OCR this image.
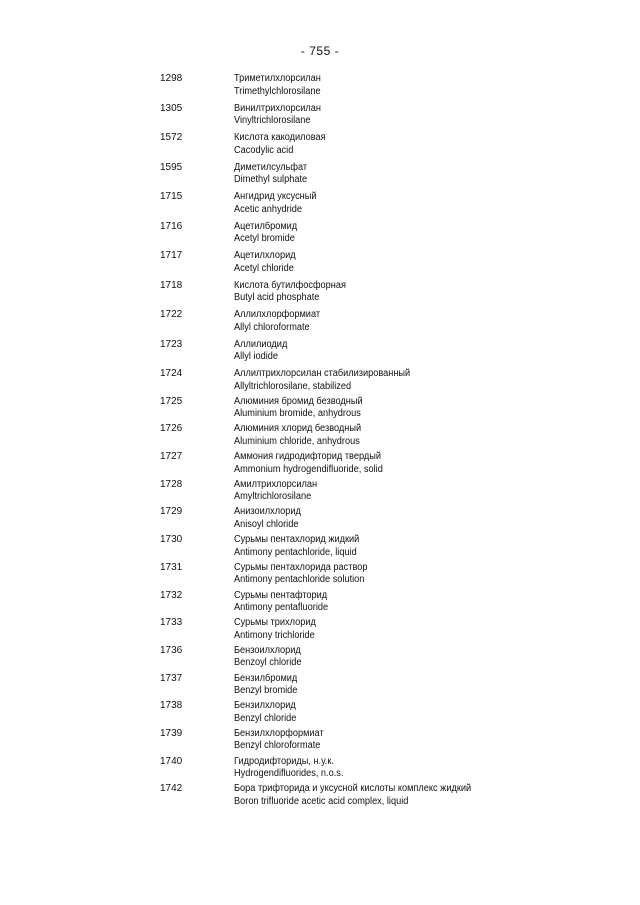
- 755 -
1298	Триметилхлорсилан
Trimethylchlorosilane
1305	Винилтрихлорсилан
Vinyltrichlorosilane
1572	Кислота какодиловая
Cacodylic acid
1595	Диметилсульфат
Dimethyl sulphate
1715	Ангидрид уксусный
Acetic anhydride
1716	Ацетилбромид
Acetyl bromide
1717	Ацетилхлорид
Acetyl chloride
1718	Кислота бутилфосфорная
Butyl acid phosphate
1722	Аллилхлорформиат
Allyl chloroformate
1723	Аллилиодид
Allyl iodide
1724	Аллилтрихлорсилан стабилизированный
Allyltrichlorosilane, stabilized
1725	Алюминия бромид безводный
Aluminium bromide, anhydrous
1726	Алюминия хлорид безводный
Aluminium chloride, anhydrous
1727	Аммония гидродифторид твердый
Ammonium hydrogendifluoride, solid
1728	Амилтрихлорсилан
Amyltrichlorosilane
1729	Анизоилхлорид
Anisoyl chloride
1730	Сурьмы пентахлорид жидкий
Antimony pentachloride, liquid
1731	Сурьмы пентахлорида раствор
Antimony pentachloride solution
1732	Сурьмы пентафторид
Antimony pentafluoride
1733	Сурьмы трихлорид
Antimony trichloride
1736	Бензоилхлорид
Benzoyl chloride
1737	Бензилбромид
Benzyl bromide
1738	Бензилхлорид
Benzyl chloride
1739	Бензилхлорформиат
Benzyl chloroformate
1740	Гидродифториды, н.у.к.
Hydrogendifluorides, n.o.s.
1742	Бора трифторида и уксусной кислоты комплекс жидкий
Boron trifluoride acetic acid complex, liquid
